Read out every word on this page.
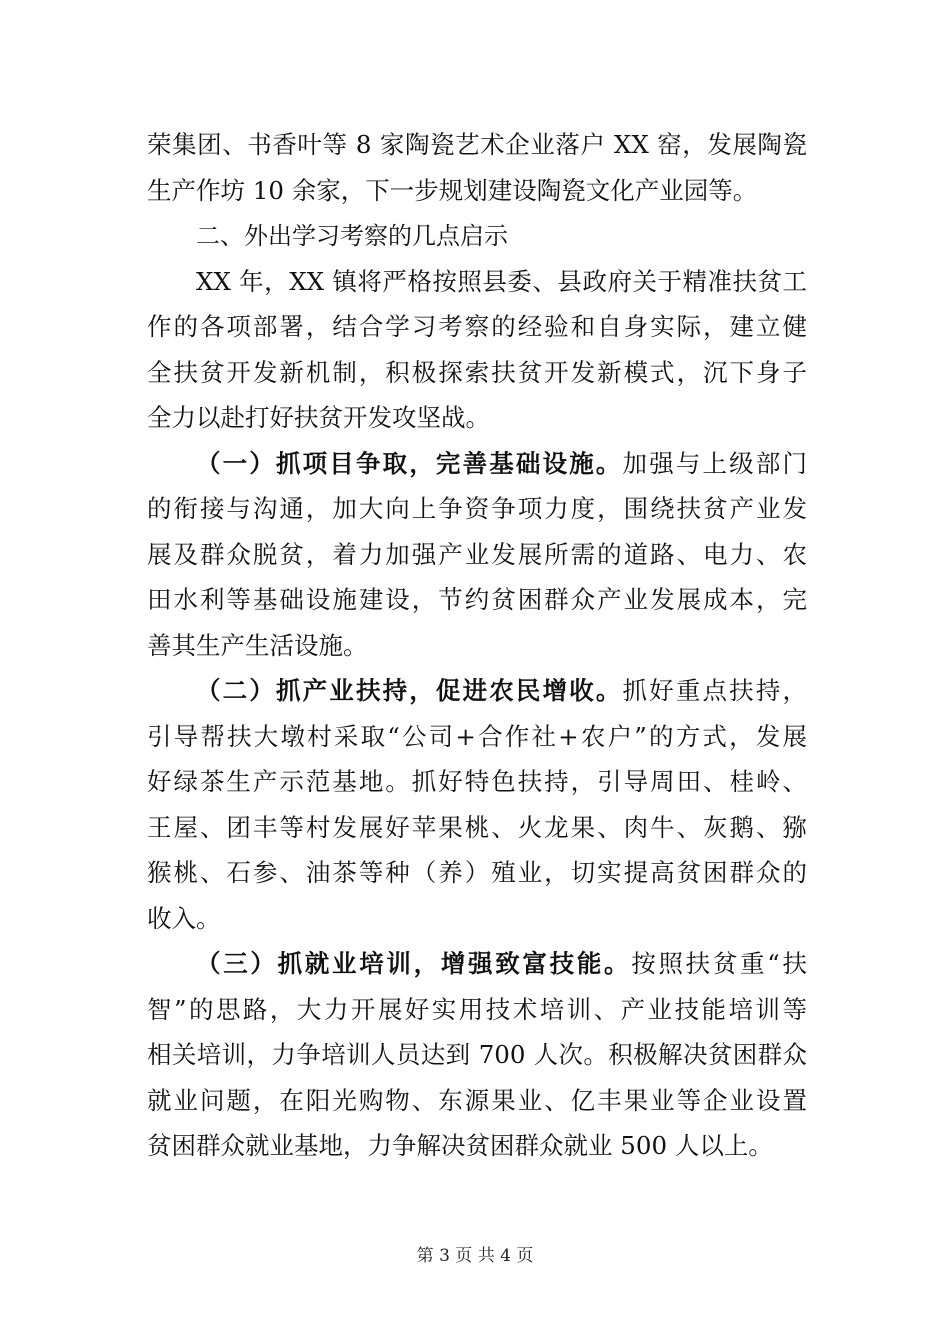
荣集团、书香叶等 8 家陶瓷艺术企业落户 XX 窑，发展陶瓷
生产作坊 10 余家，下一步规划建设陶瓷文化产业园等。
二、外出学习考察的几点启示
XX 年，XX 镇将严格按照县委、县政府关于精准扶贫工
作的各项部署，结合学习考察的经验和自身实际，建立健
全扶贫开发新机制，积极探索扶贫开发新模式，沉下身子
全力以赴打好扶贫开发攻坚战。
（一）抓项目争取，完善基础设施。加强与上级部门
的衔接与沟通，加大向上争资争项力度，围绕扶贫产业发
展及群众脱贫，着力加强产业发展所需的道路、电力、农
田水利等基础设施建设，节约贫困群众产业发展成本，完
善其生产生活设施。
（二）抓产业扶持，促进农民增收。抓好重点扶持，
引导帮扶大墩村采取“公司+合作社+农户”的方式，发展
好绿茶生产示范基地。抓好特色扶持，引导周田、桂岭、
王屋、团丰等村发展好苹果桃、火龙果、肉牛、灰鹅、猕
猴桃、石参、油茶等种（养）殖业，切实提高贫困群众的
收入。
（三）抓就业培训，增强致富技能。按照扶贫重“扶
智”的思路，大力开展好实用技术培训、产业技能培训等
相关培训，力争培训人员达到 700 人次。积极解决贫困群众
就业问题，在阳光购物、东源果业、亿丰果业等企业设置
贫困群众就业基地，力争解决贫困群众就业 500 人以上。
第 3 页 共 4 页
